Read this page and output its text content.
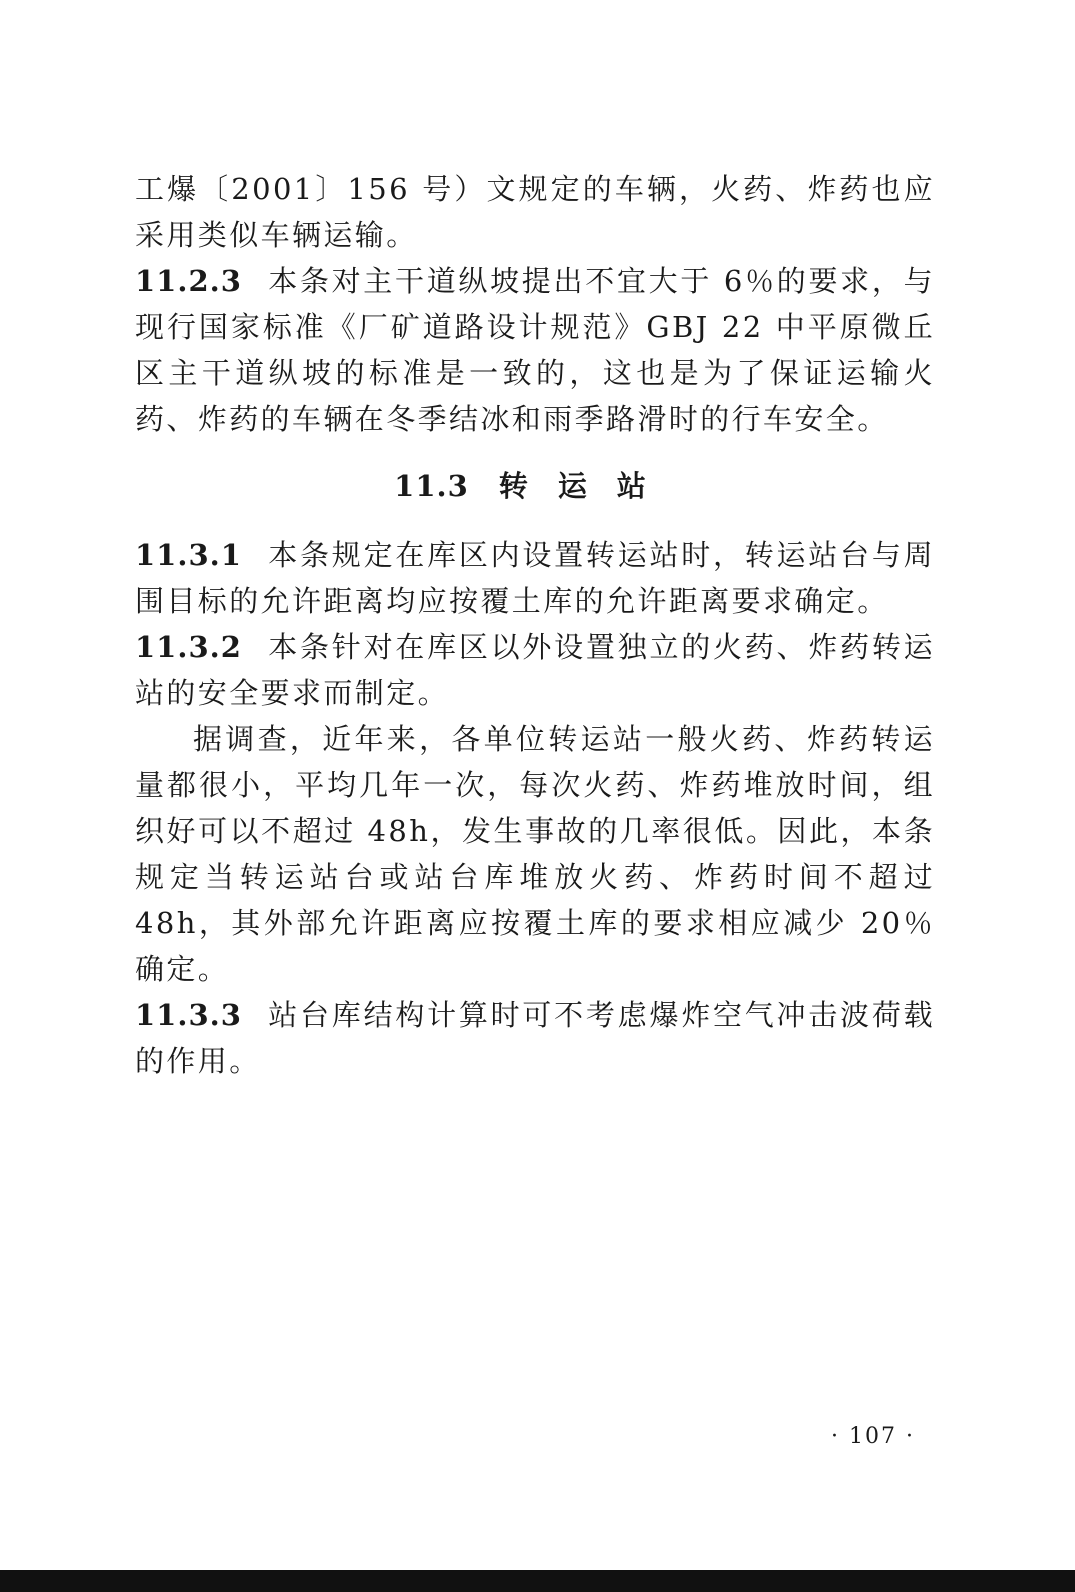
工爆〔2001〕156 号）文规定的车辆，火药、炸药也应采用类似车辆运输。

11.2.3 本条对主干道纵坡提出不宜大于 6％的要求，与现行国家标准《厂矿道路设计规范》GBJ 22 中平原微丘区主干道纵坡的标准是一致的，这也是为了保证运输火药、炸药的车辆在冬季结冰和雨季路滑时的行车安全。

11.3 转运站

11.3.1 本条规定在库区内设置转运站时，转运站台与周围目标的允许距离均应按覆土库的允许距离要求确定。

11.3.2 本条针对在库区以外设置独立的火药、炸药转运站的安全要求而制定。

据调查，近年来，各单位转运站一般火药、炸药转运量都很小，平均几年一次，每次火药、炸药堆放时间，组织好可以不超过 48h，发生事故的几率很低。因此，本条规定当转运站台或站台库堆放火药、炸药时间不超过 48h，其外部允许距离应按覆土库的要求相应减少 20％确定。

11.3.3 站台库结构计算时可不考虑爆炸空气冲击波荷载的作用。

· 107 ·
